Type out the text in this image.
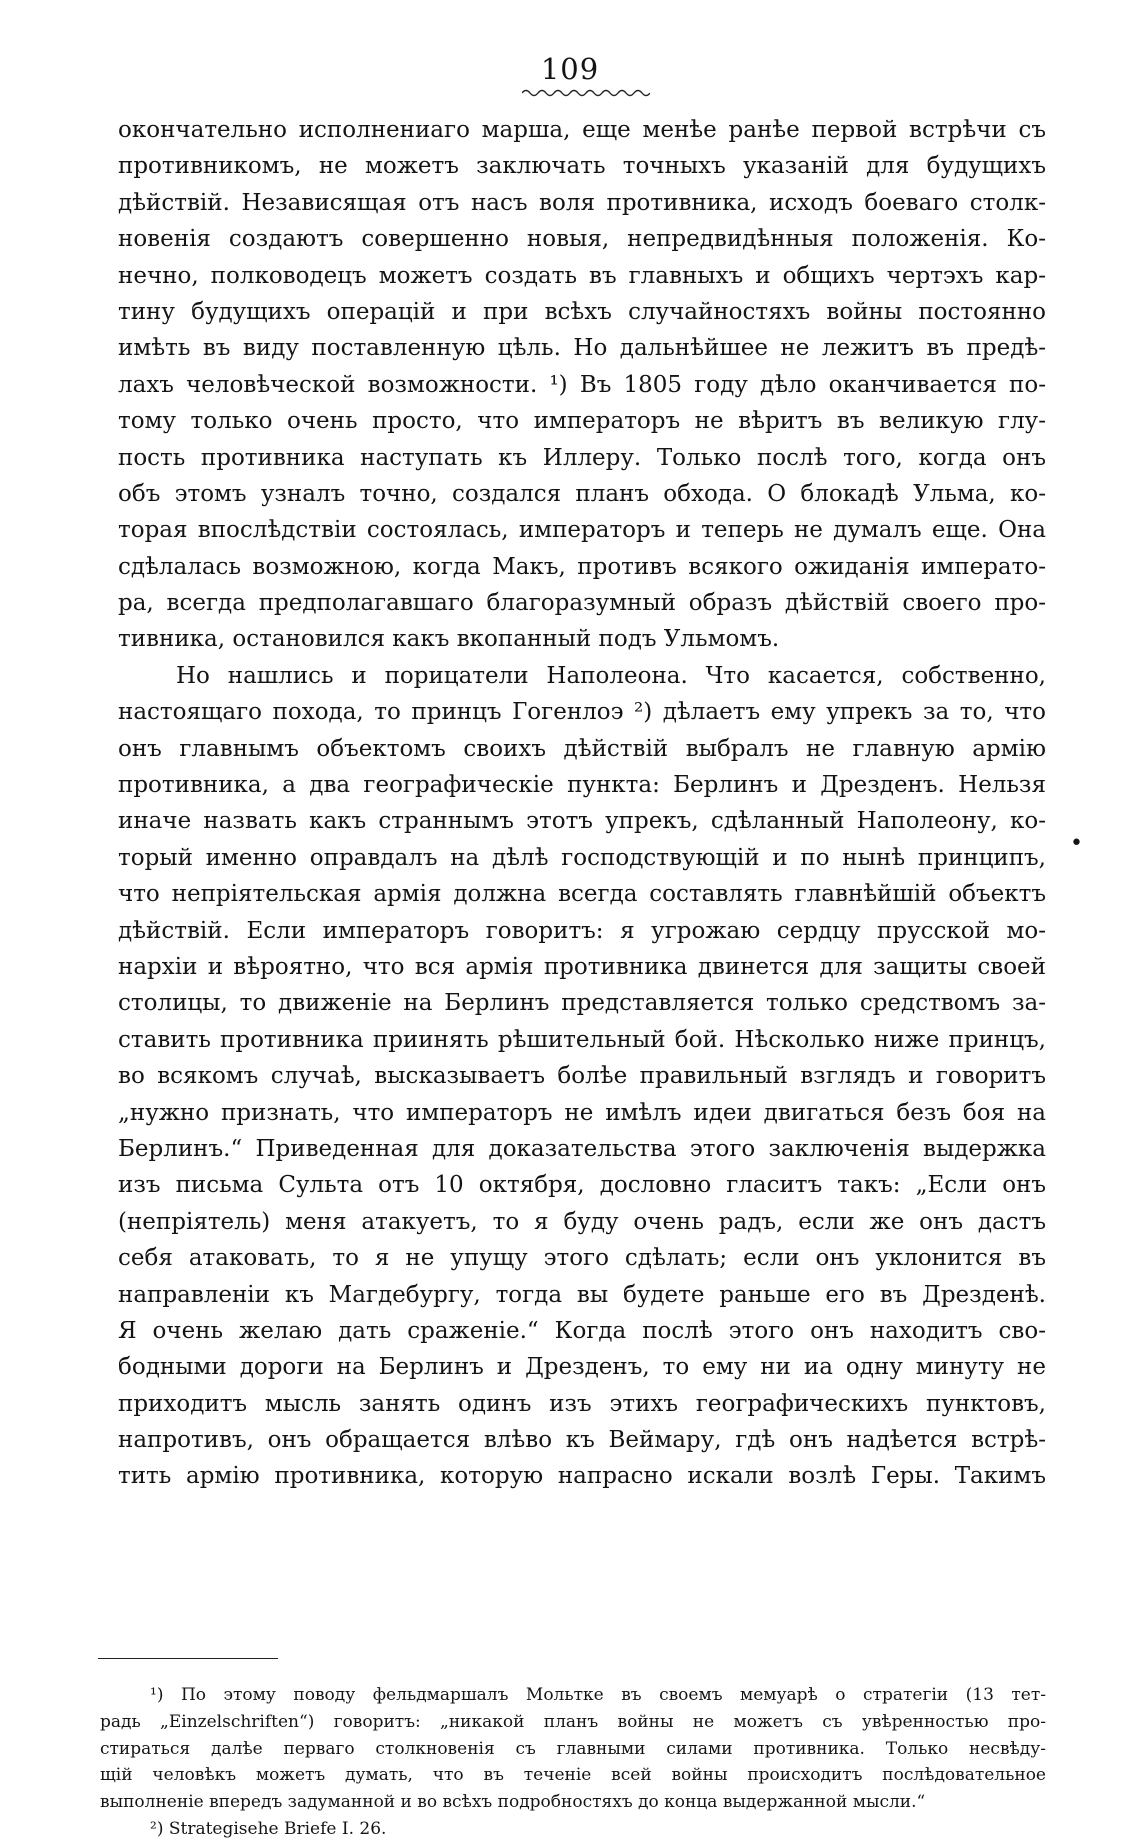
109
окончательно исполнениаго марша, еще менѣе ранѣе первой встрѣчи съ
противникомъ, не можетъ заключать точныхъ указаній для будущихъ
дѣйствій. Независящая отъ насъ воля противника, исходъ боеваго столк-
новенія создаютъ совершенно новыя, непредвидѣнныя положенія. Ко-
нечно, полководецъ можетъ создать въ главныхъ и общихъ чертэхъ кар-
тину будущихъ операцій и при всѣхъ случайностяхъ войны постоянно
имѣть въ виду поставленную цѣль. Но дальнѣйшее не лежитъ въ предѣ-
лахъ человѣческой возможности. ¹) Въ 1805 году дѣло оканчивается по-
тому только очень просто, что императоръ не вѣритъ въ великую глу-
пость противника наступать къ Иллеру. Только послѣ того, когда онъ
объ этомъ узналъ точно, создался планъ обхода. О блокадѣ Ульма, ко-
торая впослѣдствіи состоялась, императоръ и теперь не думалъ еще. Она
сдѣлалась возможною, когда Макъ, противъ всякого ожиданія императо-
ра, всегда предполагавшаго благоразумный образъ дѣйствій своего про-
тивника, остановился какъ вкопанный подъ Ульмомъ.
Но нашлись и порицатели Наполеона. Что касается, собственно,
настоящаго похода, то принцъ Гогенлоэ ²) дѣлаетъ ему упрекъ за то, что
онъ главнымъ объектомъ своихъ дѣйствій выбралъ не главную армію
противника, а два географическіе пункта: Берлинъ и Дрезденъ. Нельзя
иначе назвать какъ страннымъ этотъ упрекъ, сдѣланный Наполеону, ко-
торый именно оправдалъ на дѣлѣ господствующій и по нынѣ принципъ,
что непріятельская армія должна всегда составлять главнѣйшій объектъ
дѣйствій. Если императоръ говоритъ: я угрожаю сердцу прусской мо-
нархіи и вѣроятно, что вся армія противника двинется для защиты своей
столицы, то движеніе на Берлинъ представляется только средствомъ за-
ставить противника приинять рѣшительный бой. Нѣсколько ниже принцъ,
во всякомъ случаѣ, высказываетъ болѣе правильный взглядъ и говоритъ
„нужно признать, что императоръ не имѣлъ идеи двигаться безъ боя на
Берлинъ.“ Приведенная для доказательства этого заключенія выдержка
изъ письма Сульта отъ 10 октября, дословно гласитъ такъ: „Если онъ
(непріятель) меня атакуетъ, то я буду очень радъ, если же онъ дастъ
себя атаковать, то я не упущу этого сдѣлать; если онъ уклонится въ
направленіи къ Магдебургу, тогда вы будете раньше его въ Дрезденѣ.
Я очень желаю дать сраженіе.“ Когда послѣ этого онъ находитъ сво-
бодными дороги на Берлинъ и Дрезденъ, то ему ни иа одну минуту не
приходитъ мысль занять одинъ изъ этихъ географическихъ пунктовъ,
напротивъ, онъ обращается влѣво къ Веймару, гдѣ онъ надѣется встрѣ-
тить армію противника, которую напрасно искали возлѣ Геры. Такимъ
•
¹) По этому поводу фельдмаршалъ Мольтке въ своемъ мемуарѣ о стратегіи (13 тет-
радь „Einzelschriften“) говоритъ: „никакой планъ войны не можетъ съ увѣренностью про-
стираться далѣе перваго столкновенія съ главными силами противника. Только несвѣду-
щій человѣкъ можетъ думать, что въ теченіе всей войны происходитъ послѣдовательное
выполненіе впередъ задуманной и во всѣхъ подробностяхъ до конца выдержанной мысли.“
²) Strategisehe Briefe I. 26.
